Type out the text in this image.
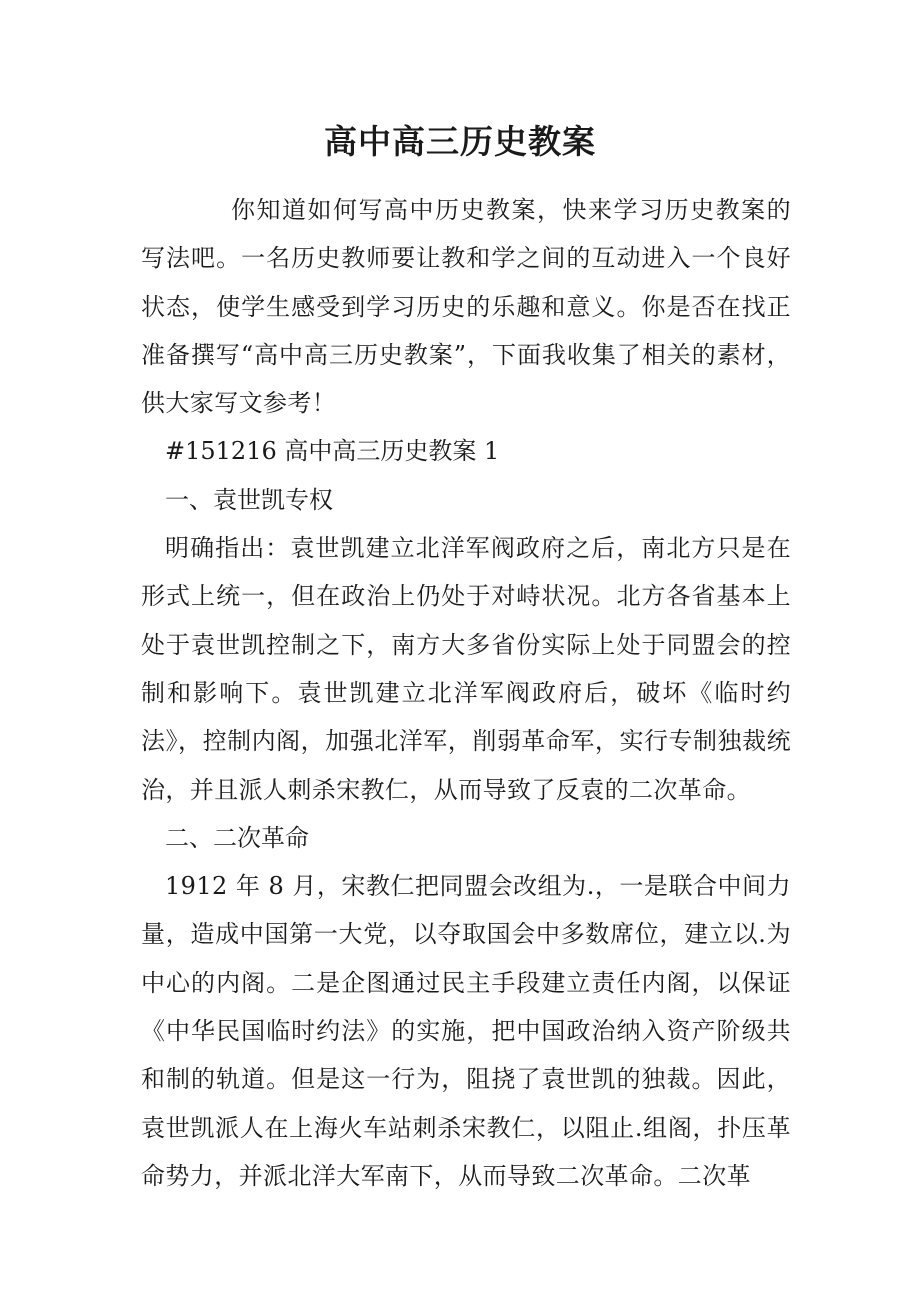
高中高三历史教案

你知道如何写高中历史教案，快来学习历史教案的写法吧。一名历史教师要让教和学之间的互动进入一个良好状态，使学生感受到学习历史的乐趣和意义。你是否在找正准备撰写“高中高三历史教案”，下面我收集了相关的素材，供大家写文参考！

#151216 高中高三历史教案 1

一、袁世凯专权

明确指出：袁世凯建立北洋军阀政府之后，南北方只是在形式上统一，但在政治上仍处于对峙状况。北方各省基本上处于袁世凯控制之下，南方大多省份实际上处于同盟会的控制和影响下。袁世凯建立北洋军阀政府后，破坏《临时约法》，控制内阁，加强北洋军，削弱革命军，实行专制独裁统治，并且派人刺杀宋教仁，从而导致了反袁的二次革命。

二、二次革命

1912 年 8 月，宋教仁把同盟会改组为.，一是联合中间力量，造成中国第一大党，以夺取国会中多数席位，建立以.为中心的内阁。二是企图通过民主手段建立责任内阁，以保证《中华民国临时约法》的实施，把中国政治纳入资产阶级共和制的轨道。但是这一行为，阻挠了袁世凯的独裁。因此，袁世凯派人在上海火车站刺杀宋教仁，以阻止.组阁，扑压革命势力，并派北洋大军南下，从而导致二次革命。二次革
